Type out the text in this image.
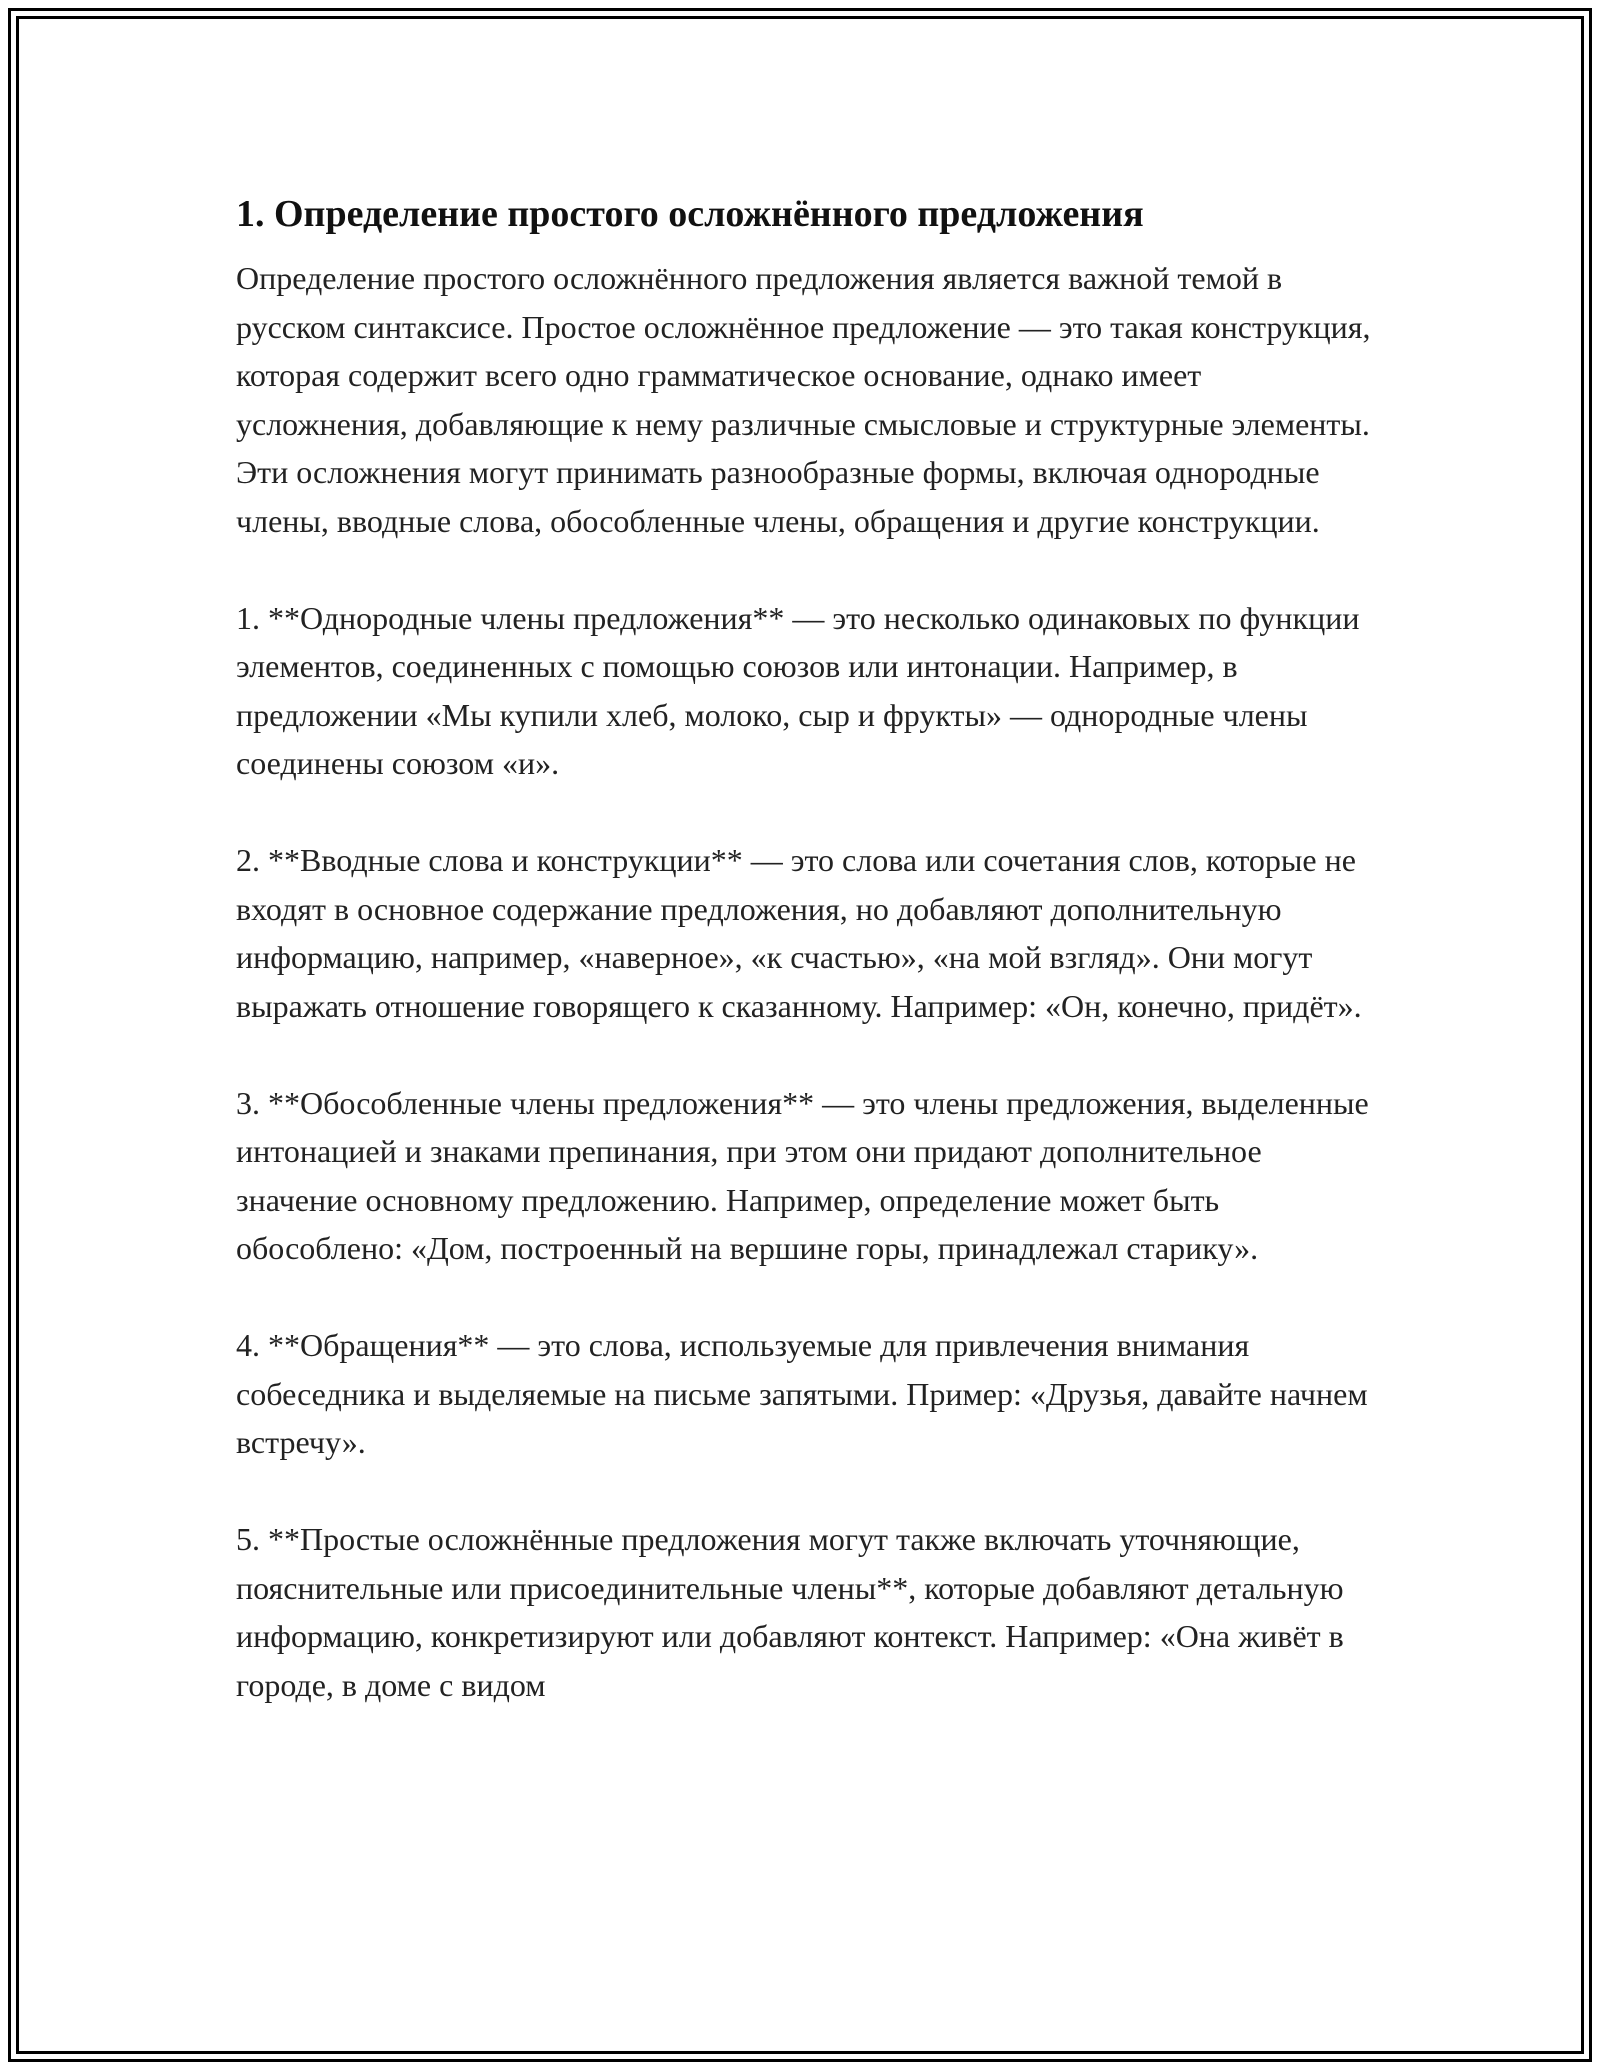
1. Определение простого осложнённого предложения

Определение простого осложнённого предложения является важной темой в русском синтаксисе. Простое осложнённое предложение — это такая конструкция, которая содержит всего одно грамматическое основание, однако имеет усложнения, добавляющие к нему различные смысловые и структурные элементы. Эти осложнения могут принимать разнообразные формы, включая однородные члены, вводные слова, обособленные члены, обращения и другие конструкции.

1. **Однородные члены предложения** — это несколько одинаковых по функции элементов, соединенных с помощью союзов или интонации. Например, в предложении «Мы купили хлеб, молоко, сыр и фрукты» — однородные члены соединены союзом «и».

2. **Вводные слова и конструкции** — это слова или сочетания слов, которые не входят в основное содержание предложения, но добавляют дополнительную информацию, например, «наверное», «к счастью», «на мой взгляд». Они могут выражать отношение говорящего к сказанному. Например: «Он, конечно, придёт».

3. **Обособленные члены предложения** — это члены предложения, выделенные интонацией и знаками препинания, при этом они придают дополнительное значение основному предложению. Например, определение может быть обособлено: «Дом, построенный на вершине горы, принадлежал старику».

4. **Обращения** — это слова, используемые для привлечения внимания собеседника и выделяемые на письме запятыми. Пример: «Друзья, давайте начнем встречу».

5. **Простые осложнённые предложения могут также включать уточняющие, пояснительные или присоединительные члены**, которые добавляют детальную информацию, конкретизируют или добавляют контекст. Например: «Она живёт в городе, в доме с видом
